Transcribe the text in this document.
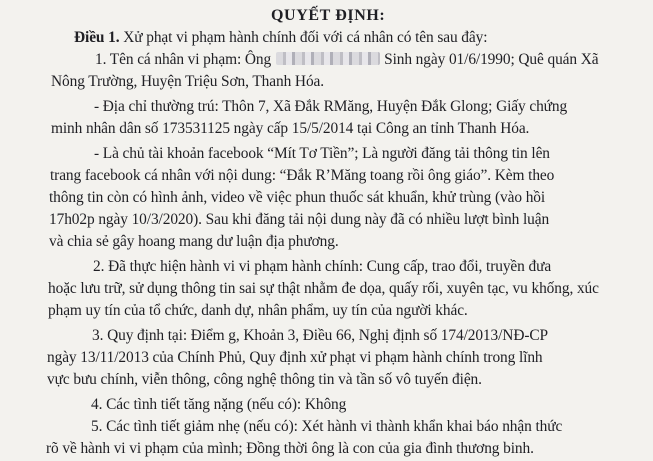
QUYẾT ĐỊNH:
Điều 1. Xử phạt vi phạm hành chính đối với cá nhân có tên sau đây:
1. Tên cá nhân vi phạm: Ông	Sinh ngày 01/6/1990; Quê quán Xã
Nông Trường, Huyện Triệu Sơn, Thanh Hóa.
- Địa chỉ thường trú: Thôn 7, Xã Đắk RMăng, Huyện Đắk Glong; Giấy chứng
minh nhân dân số 173531125 ngày cấp 15/5/2014 tại Công an tỉnh Thanh Hóa.
- Là chủ tài khoản facebook “Mít Tơ Tiền”; Là người đăng tải thông tin lên
trang facebook cá nhân với nội dung: “Đắk R’Măng toang rồi ông giáo”. Kèm theo
thông tin còn có hình ảnh, video về việc phun thuốc sát khuẩn, khử trùng (vào hồi
17h02p ngày 10/3/2020). Sau khi đăng tải nội dung này đã có nhiều lượt bình luận
và chia sẻ gây hoang mang dư luận địa phương.
2. Đã thực hiện hành vi vi phạm hành chính: Cung cấp, trao đổi, truyền đưa
hoặc lưu trữ, sử dụng thông tin sai sự thật nhằm đe dọa, quấy rối, xuyên tạc, vu khống, xúc
phạm uy tín của tổ chức, danh dự, nhân phẩm, uy tín của người khác.
3. Quy định tại: Điểm g, Khoản 3, Điều 66, Nghị định số 174/2013/NĐ-CP
ngày 13/11/2013 của Chính Phủ, Quy định xử phạt vi phạm hành chính trong lĩnh
vực bưu chính, viễn thông, công nghệ thông tin và tần số vô tuyến điện.
4. Các tình tiết tăng nặng (nếu có): Không
5. Các tình tiết giảm nhẹ (nếu có): Xét hành vi thành khẩn khai báo nhận thức
rõ về hành vi vi phạm của mình; Đồng thời ông là con của gia đình thương binh.
